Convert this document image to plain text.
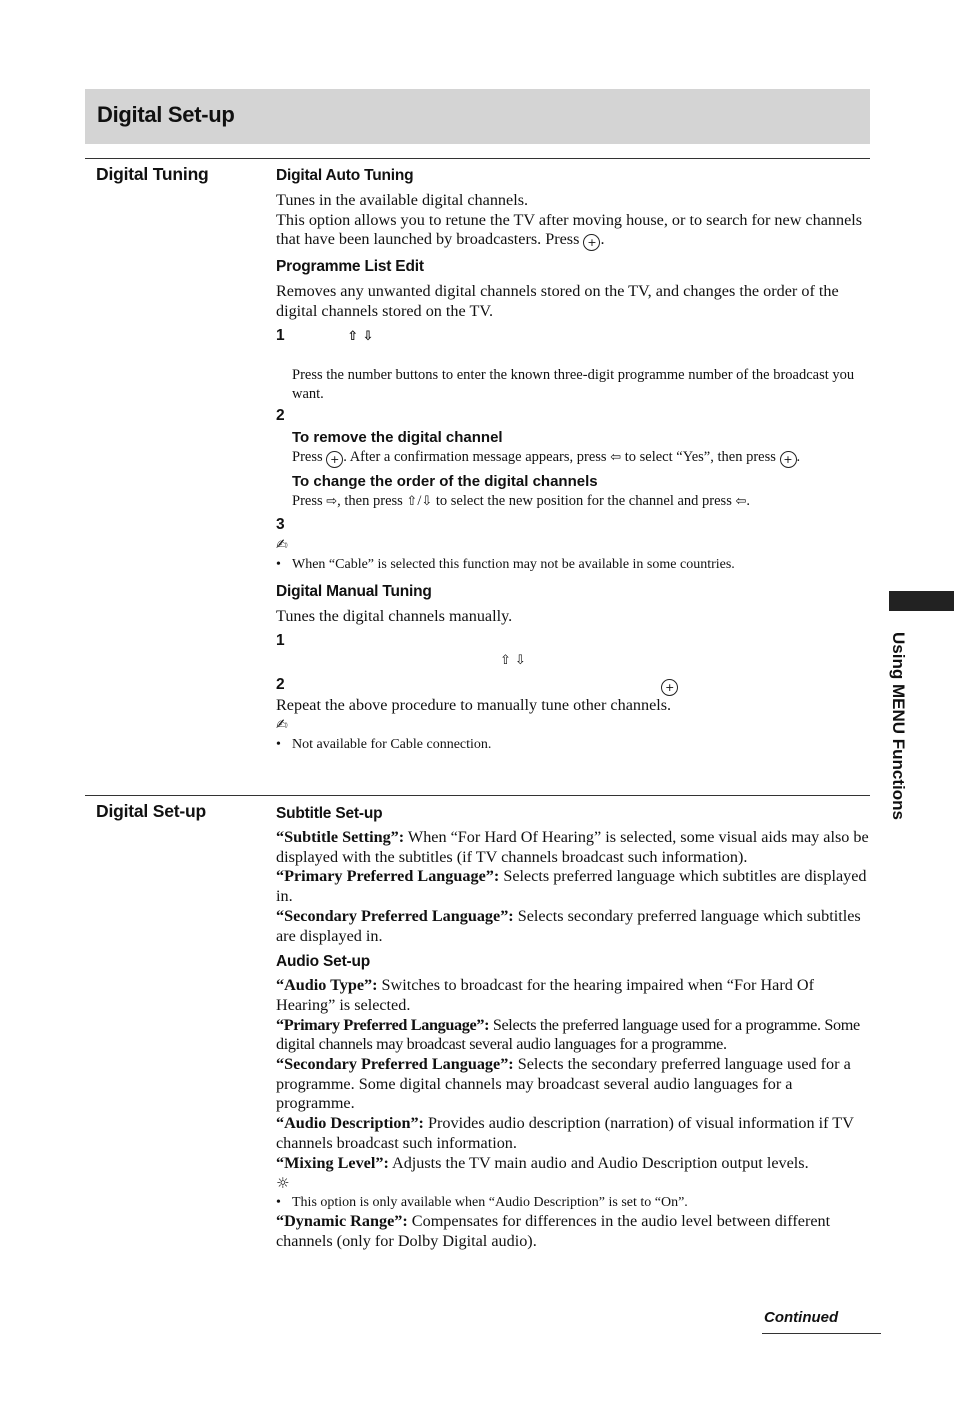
Digital Set-up
Digital Tuning	Digital Auto Tuning

Tunes in the available digital channels.

This option allows you to retune the TV after moving house, or to search for new channels that have been launched by broadcasters. Press + .

Programme List Edit

Removes any unwanted digital channels stored on the TV, and changes the order of the digital channels stored on the TV.

1	⇧ ⇩

Press the number buttons to enter the known three-digit programme number of the broadcast you want.

2
To remove the digital channel

Press + . After a confirmation message appears, press ⇦ to select “Yes”, then press + .

To change the order of the digital channels

Press ⇨, then press ⇧/⇩ to select the new position for the channel and press ⇦.

3
✍
• When “Cable” is selected this function may not be available in some countries.
Digital Manual Tuning

Tunes the digital channels manually.

1
⇧ ⇩
2	+

Repeat the above procedure to manually tune other channels.

✍
• Not available for Cable connection.
Digital Set-up	Subtitle Set-up

“Subtitle Setting”: When “For Hard Of Hearing” is selected, some visual aids may also be displayed with the subtitles (if TV channels broadcast such information).

“Primary Preferred Language”: Selects preferred language which subtitles are displayed in.

“Secondary Preferred Language”: Selects secondary preferred language which subtitles are displayed in.

Audio Set-up

“Audio Type”: Switches to broadcast for the hearing impaired when “For Hard Of Hearing” is selected.

“Primary Preferred Language”: Selects the preferred language used for a programme. Some digital channels may broadcast several audio languages for a programme.

“Secondary Preferred Language”: Selects the secondary preferred language used for a programme. Some digital channels may broadcast several audio languages for a programme.

“Audio Description”: Provides audio description (narration) of visual information if TV channels broadcast such information.

“Mixing Level”: Adjusts the TV main audio and Audio Description output levels.

☼
• This option is only available when “Audio Description” is set to “On”.

“Dynamic Range”: Compensates for differences in the audio level between different channels (only for Dolby Digital audio).

Using MENU Functions
Continued
